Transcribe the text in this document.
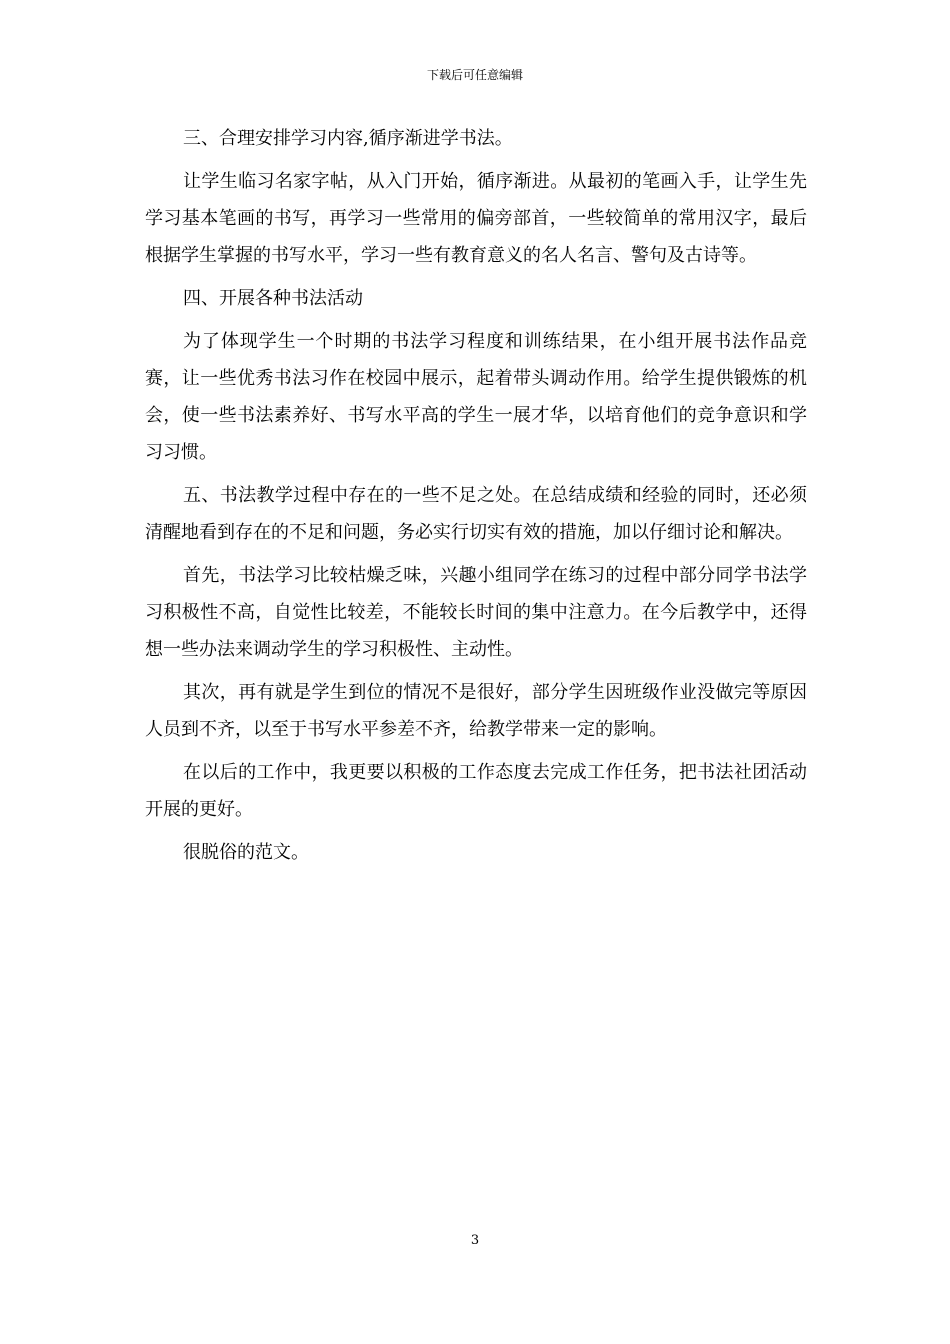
下载后可任意编辑

三、合理安排学习内容,循序渐进学书法。

让学生临习名家字帖，从入门开始，循序渐进。从最初的笔画入手，让学生先学习基本笔画的书写，再学习一些常用的偏旁部首，一些较简单的常用汉字，最后根据学生掌握的书写水平，学习一些有教育意义的名人名言、警句及古诗等。

四、开展各种书法活动

为了体现学生一个时期的书法学习程度和训练结果，在小组开展书法作品竞赛，让一些优秀书法习作在校园中展示，起着带头调动作用。给学生提供锻炼的机会，使一些书法素养好、书写水平高的学生一展才华，以培育他们的竞争意识和学习习惯。

五、书法教学过程中存在的一些不足之处。在总结成绩和经验的同时，还必须清醒地看到存在的不足和问题，务必实行切实有效的措施，加以仔细讨论和解决。

首先，书法学习比较枯燥乏味，兴趣小组同学在练习的过程中部分同学书法学习积极性不高，自觉性比较差，不能较长时间的集中注意力。在今后教学中，还得想一些办法来调动学生的学习积极性、主动性。

其次，再有就是学生到位的情况不是很好，部分学生因班级作业没做完等原因人员到不齐，以至于书写水平参差不齐，给教学带来一定的影响。

在以后的工作中，我更要以积极的工作态度去完成工作任务，把书法社团活动开展的更好。

很脱俗的范文。

3
